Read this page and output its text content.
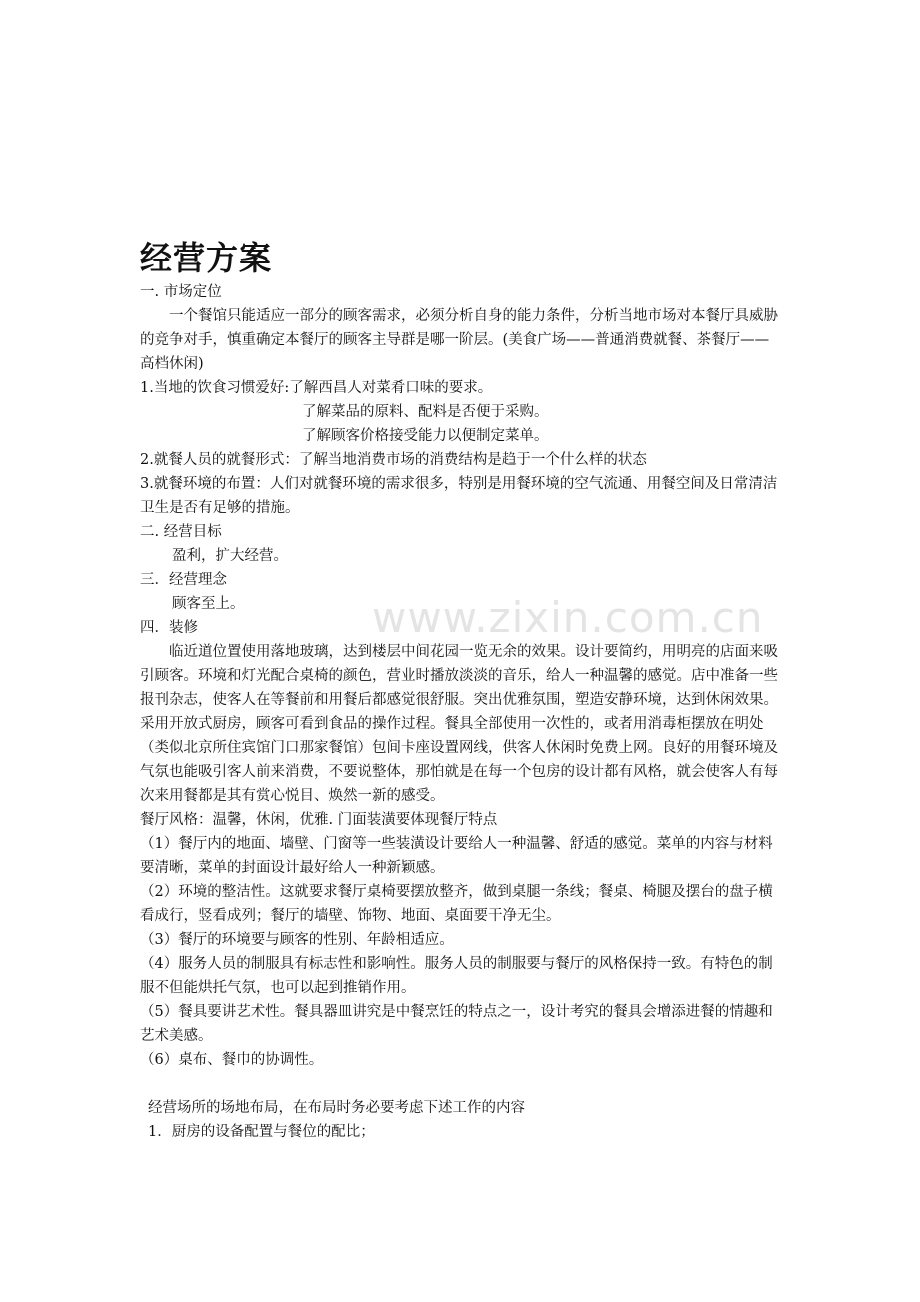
www.zixin.com.cn
经营方案

一. 市场定位

一个餐馆只能适应一部分的顾客需求，必须分析自身的能力条件，分析当地市场对本餐厅具威胁的竞争对手，慎重确定本餐厅的顾客主导群是哪一阶层。(美食广场——普通消费就餐、茶餐厅——高档休闲)

1.当地的饮食习惯爱好:了解西昌人对菜肴口味的要求。

了解菜品的原料、配料是否便于采购。

了解顾客价格接受能力以便制定菜单。

2.就餐人员的就餐形式：了解当地消费市场的消费结构是趋于一个什么样的状态

3.就餐环境的布置：人们对就餐环境的需求很多，特别是用餐环境的空气流通、用餐空间及日常清洁卫生是否有足够的措施。

二. 经营目标

盈利，扩大经营。

三．经营理念

顾客至上。

四．装修

临近道位置使用落地玻璃，达到楼层中间花园一览无余的效果。设计要简约，用明亮的店面来吸引顾客。环境和灯光配合桌椅的颜色，营业时播放淡淡的音乐，给人一种温馨的感觉。店中准备一些报刊杂志，使客人在等餐前和用餐后都感觉很舒服。突出优雅氛围，塑造安静环境，达到休闲效果。采用开放式厨房，顾客可看到食品的操作过程。餐具全部使用一次性的，或者用消毒柜摆放在明处（类似北京所住宾馆门口那家餐馆）包间卡座设置网线，供客人休闲时免费上网。良好的用餐环境及气氛也能吸引客人前来消费，不要说整体，那怕就是在每一个包房的设计都有风格，就会使客人有每次来用餐都是其有赏心悦目、焕然一新的感受。

餐厅风格：温馨，休闲，优雅. 门面装潢要体现餐厅特点

（1）餐厅内的地面、墙壁、门窗等一些装潢设计要给人一种温馨、舒适的感觉。菜单的内容与材料要清晰，菜单的封面设计最好给人一种新颖感。

（2）环境的整洁性。这就要求餐厅桌椅要摆放整齐，做到桌腿一条线；餐桌、椅腿及摆台的盘子横看成行，竖看成列；餐厅的墙壁、饰物、地面、桌面要干净无尘。

（3）餐厅的环境要与顾客的性别、年龄相适应。

（4）服务人员的制服具有标志性和影响性。服务人员的制服要与餐厅的风格保持一致。有特色的制服不但能烘托气氛，也可以起到推销作用。

（5）餐具要讲艺术性。餐具器皿讲究是中餐烹饪的特点之一，设计考究的餐具会增添进餐的情趣和艺术美感。

（6）桌布、餐巾的协调性。

经营场所的场地布局，在布局时务必要考虑下述工作的内容

1．厨房的设备配置与餐位的配比；
